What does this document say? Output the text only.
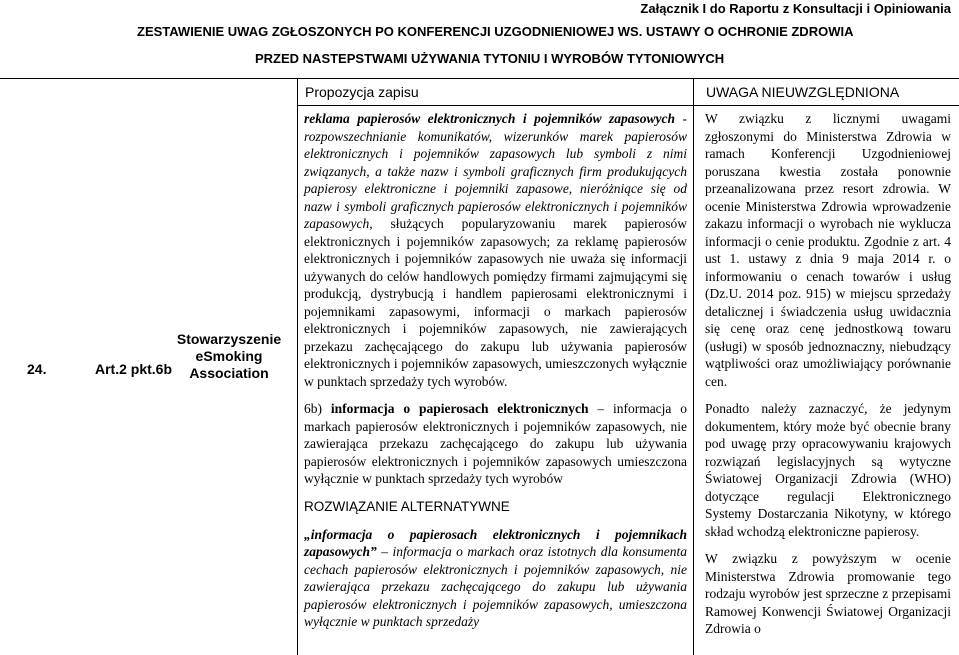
Załącznik I do Raportu z Konsultacji i Opiniowania
ZESTAWIENIE UWAG ZGŁOSZONYCH PO KONFERENCJI UZGODNIENIOWEJ WS. USTAWY O OCHRONIE ZDROWIA
PRZED NASTEPSTWAMI UŻYWANIA TYTONIU I WYROBÓW TYTONIOWYCH
Propozycja zapisu	UWAGA NIEUWZGLĘDNIONA
24.	Art.2 pkt.6b
Stowarzyszenie
eSmoking
Association

reklama papierosów elektronicznych i pojemników zapasowych - rozpowszechnianie komunikatów, wizerunków marek papierosów elektronicznych i pojemników zapasowych lub symboli z nimi związanych, a także nazw i symboli graficznych firm produkujących papierosy elektroniczne i pojemniki zapasowe, nieróżniące się od nazw i symboli graficznych papierosów elektronicznych i pojemników zapasowych, służących popularyzowaniu marek papierosów elektronicznych i pojemników zapasowych; za reklamę papierosów elektronicznych i pojemników zapasowych nie uważa się informacji używanych do celów handlowych pomiędzy firmami zajmującymi się produkcją, dystrybucją i handlem papierosami elektronicznymi i pojemnikami zapasowymi, informacji o markach papierosów elektronicznych i pojemników zapasowych, nie zawierających przekazu zachęcającego do zakupu lub używania papierosów elektronicznych i pojemników zapasowych, umieszczonych wyłącznie w punktach sprzedaży tych wyrobów.

6b) informacja o papierosach elektronicznych – informacja o markach papierosów elektronicznych i pojemników zapasowych, nie zawierająca przekazu zachęcającego do zakupu lub używania papierosów elektronicznych i pojemników zapasowych umieszczona wyłącznie w punktach sprzedaży tych wyrobów

ROZWIĄZANIE ALTERNATYWNE

„informacja o papierosach elektronicznych i pojemnikach zapasowych” – informacja o markach oraz istotnych dla konsumenta cechach papierosów elektronicznych i pojemników zapasowych, nie zawierająca przekazu zachęcającego do zakupu lub używania papierosów elektronicznych i pojemników zapasowych, umieszczona wyłącznie w punktach sprzedaży

W związku z licznymi uwagami zgłoszonymi do Ministerstwa Zdrowia w ramach Konferencji Uzgodnieniowej poruszana kwestia została ponownie przeanalizowana przez resort zdrowia. W ocenie Ministerstwa Zdrowia wprowadzenie zakazu informacji o wyrobach nie wyklucza informacji o cenie produktu. Zgodnie z art. 4 ust 1. ustawy z dnia 9 maja 2014 r. o informowaniu o cenach towarów i usług (Dz.U. 2014 poz. 915) w miejscu sprzedaży detalicznej i świadczenia usług uwidacznia się cenę oraz cenę jednostkową towaru (usługi) w sposób jednoznaczny, niebudzący wątpliwości oraz umożliwiający porównanie cen.

Ponadto należy zaznaczyć, że jedynym dokumentem, który może być obecnie brany pod uwagę przy opracowywaniu krajowych rozwiązań legislacyjnych są wytyczne Światowej Organizacji Zdrowia (WHO) dotyczące regulacji Elektronicznego Systemy Dostarczania Nikotyny, w którego skład wchodzą elektroniczne papierosy.

W związku z powyższym w ocenie Ministerstwa Zdrowia promowanie tego rodzaju wyrobów jest sprzeczne z przepisami Ramowej Konwencji Światowej Organizacji Zdrowia o
